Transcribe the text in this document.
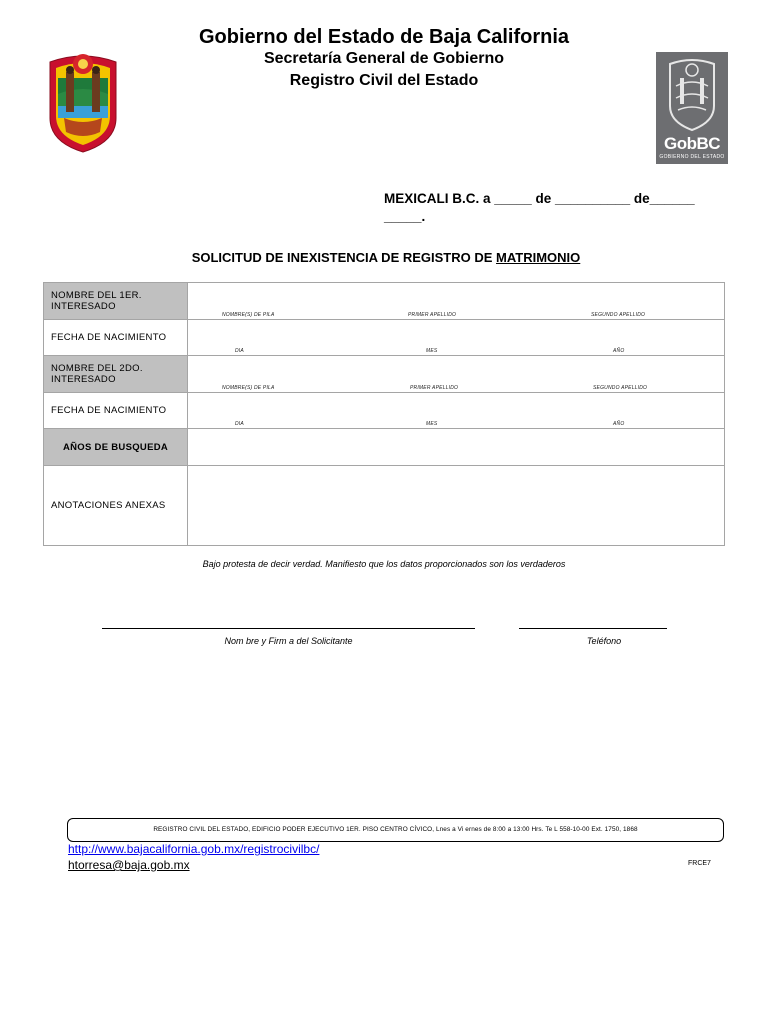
Gobierno del Estado de Baja California
Secretaría General de Gobierno
Registro Civil del Estado
GobBC
GOBIERNO DEL ESTADO
MEXICALI B.C. a _____ de __________ de______ _____.
SOLICITUD DE INEXISTENCIA DE REGISTRO DE MATRIMONIO
NOMBRE DEL 1ER. INTERESADO	NOMBRE(S) DE PILA PRIMER APELLIDO SEGUNDO APELLIDO

FECHA DE NACIMIENTO	DIA MES AÑO

NOMBRE DEL 2DO. INTERESADO	NOMBRE(S) DE PILA PRIMER APELLIDO SEGUNDO APELLIDO

FECHA DE NACIMIENTO	DIA MES AÑO

AÑOS DE BUSQUEDA	
ANOTACIONES ANEXAS	
Bajo protesta de decir verdad. Manifiesto que los datos proporcionados son los verdaderos
Nom bre y Firm a del Solicitante	Teléfono
REGISTRO CIVIL DEL ESTADO, EDIFICIO PODER EJECUTIVO 1ER. PISO CENTRO CÍVICO, Lnes a Vi ernes de 8:00 a 13:00 Hrs. Te L 558-10-00 Ext. 1750, 1868
http://www.bajacalifornia.gob.mx/registrocivilbc/
htorresa@baja.gob.mx	FRCE7
